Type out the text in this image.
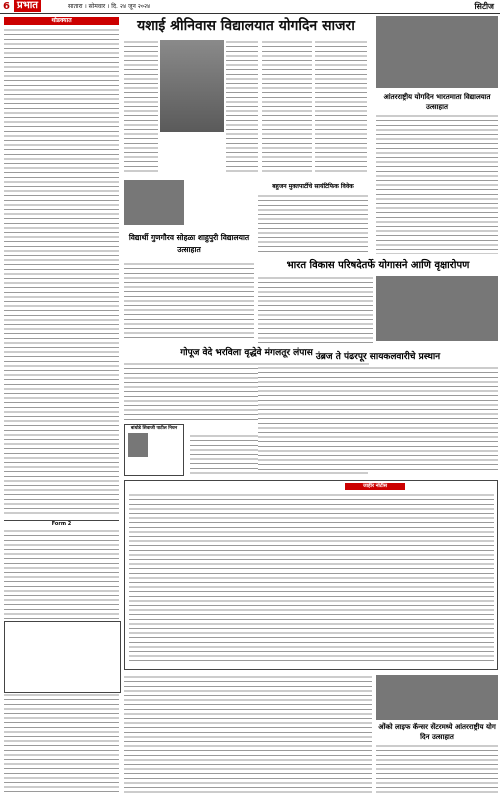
6 प्रभात	सातारा । सोमवार । दि. २४ जून २०२४	सिटीज
थोडक्यात
Form 2
यशाई श्रीनिवास विद्यालयात योगदिन साजरा
विद्यार्थी गुणगौरव सोहळा शाहुपुरी विद्यालयात उत्साहात
बहुजन मुक्तपार्टीचे सायंटिफिक विवेक
भारत विकास परिषदेतर्फे योगासने आणि वृक्षारोपण
गोपूज वेदे भरविला वृद्धेवे मंगलतूर लंपास
बांधोडे शिवाजी पाटील निधन
आंतरराष्ट्रीय योगदिन भारतमाता विद्यालयात उत्साहात
उंब्रज ते पंढरपूर सायकलवारीचे प्रस्थान
जाहीर नोटीस
ओंको लाइफ कॅन्सर सेंटरमध्ये आंतरराष्ट्रीय योग दिन उत्साहात
